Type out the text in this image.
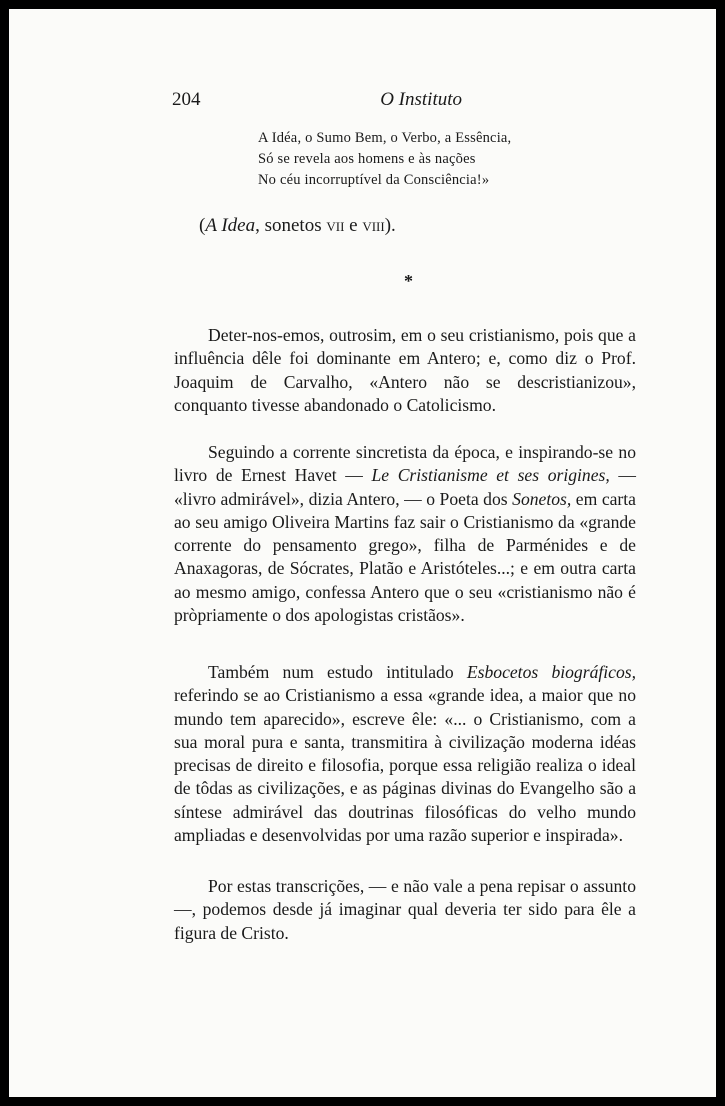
204	O Instituto
A Idéa, o Sumo Bem, o Verbo, a Essência,
Só se revela aos homens e às nações
No céu incorruptível da Consciência!»
(A Idea, sonetos vii e viii).
*

Deter-nos-emos, outrosim, em o seu cristianismo, pois que a influência dêle foi dominante em Antero; e, como diz o Prof. Joaquim de Carvalho, «Antero não se descristianizou», conquanto tivesse abandonado o Catolicismo.

Seguindo a corrente sincretista da época, e inspirando-se no livro de Ernest Havet — Le Cristianisme et ses origines, — «livro admirável», dizia Antero, — o Poeta dos Sonetos, em carta ao seu amigo Oliveira Martins faz sair o Cristianismo da «grande corrente do pensamento grego», filha de Parménides e de Anaxagoras, de Sócrates, Platão e Aristóteles...; e em outra carta ao mesmo amigo, confessa Antero que o seu «cristianismo não é pròpriamente o dos apologistas cristãos».

Também num estudo intitulado Esbocetos biográficos, referindo se ao Cristianismo a essa «grande idea, a maior que no mundo tem aparecido», escreve êle: «... o Cristianismo, com a sua moral pura e santa, transmitira à civilização moderna idéas precisas de direito e filosofia, porque essa religião realiza o ideal de tôdas as civilizações, e as páginas divinas do Evangelho são a síntese admirável das doutrinas filosóficas do velho mundo ampliadas e desenvolvidas por uma razão superior e inspirada».

Por estas transcrições, — e não vale a pena repisar o assunto —, podemos desde já imaginar qual deveria ter sido para êle a figura de Cristo.
